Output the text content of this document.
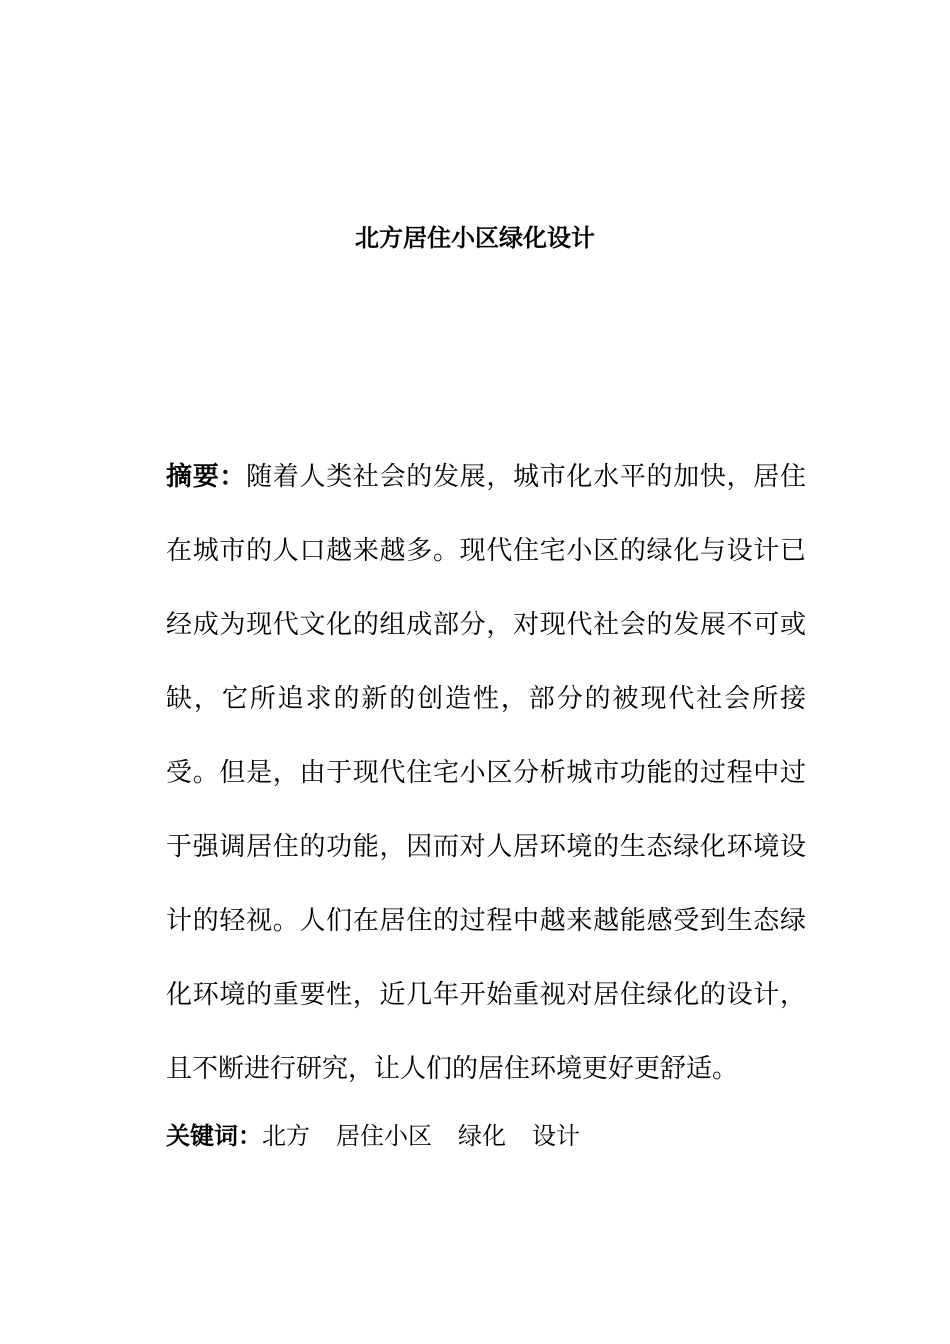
北方居住小区绿化设计

摘要：随着人类社会的发展，城市化水平的加快，居住在城市的人口越来越多。现代住宅小区的绿化与设计已经成为现代文化的组成部分，对现代社会的发展不可或缺，它所追求的新的创造性，部分的被现代社会所接受。但是，由于现代住宅小区分析城市功能的过程中过于强调居住的功能，因而对人居环境的生态绿化环境设计的轻视。人们在居住的过程中越来越能感受到生态绿化环境的重要性，近几年开始重视对居住绿化的设计，且不断进行研究，让人们的居住环境更好更舒适。

关键词：北方 居住小区 绿化 设计
